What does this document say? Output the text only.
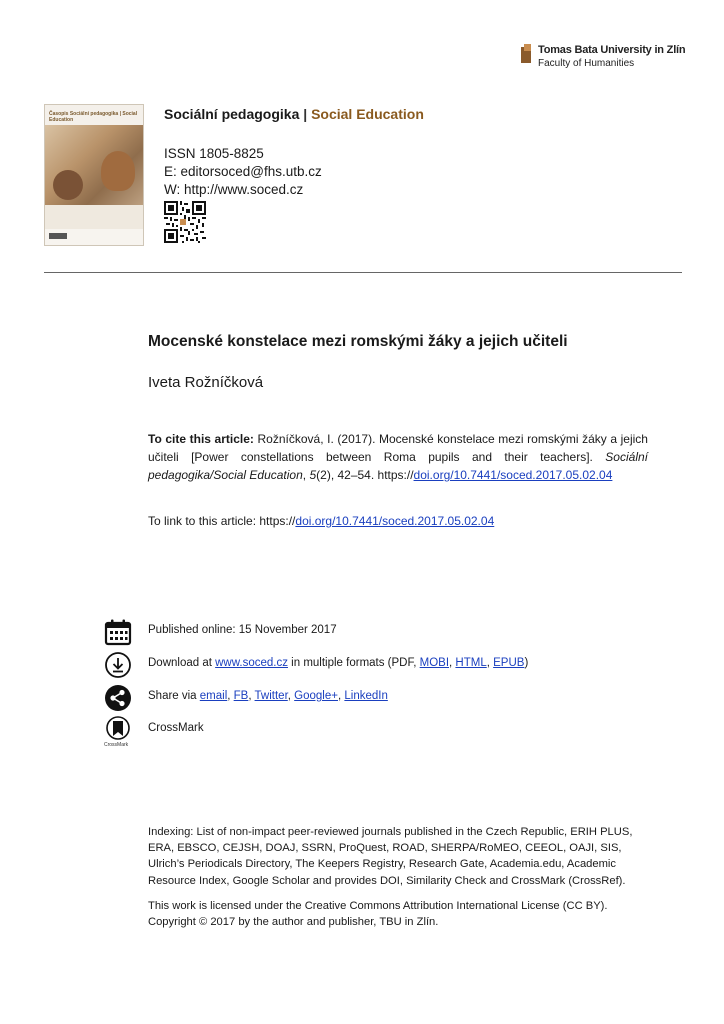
Tomas Bata University in Zlín
Faculty of Humanities
Časopis Sociální pedagogika | Social Education	Sociální pedagogika | Social Education
ISSN 1805-8825
E: editorsoced@fhs.utb.cz
W: http://www.soced.cz
Mocenské konstelace mezi romskými žáky a jejich učiteli
Iveta Rožníčková
To cite this article: Rožníčková, I. (2017). Mocenské konstelace mezi romskými žáky a jejich učiteli [Power constellations between Roma pupils and their teachers]. Sociální pedagogika/Social Education, 5(2), 42–54. https://doi.org/10.7441/soced.2017.05.02.04
To link to this article: https://doi.org/10.7441/soced.2017.05.02.04
Published online: 15 November 2017
Download at www.soced.cz in multiple formats (PDF, MOBI, HTML, EPUB)
Share via email, FB, Twitter, Google+, LinkedIn
CrossMark
CrossMark
Indexing: List of non-impact peer-reviewed journals published in the Czech Republic, ERIH PLUS, ERA, EBSCO, CEJSH, DOAJ, SSRN, ProQuest, ROAD, SHERPA/RoMEO, CEEOL, OAJI, SIS, Ulrich’s Periodicals Directory, The Keepers Registry, Research Gate, Academia.edu, Academic Resource Index, Google Scholar and provides DOI, Similarity Check and CrossMark (CrossRef).
This work is licensed under the Creative Commons Attribution International License (CC BY). Copyright © 2017 by the author and publisher, TBU in Zlín.
